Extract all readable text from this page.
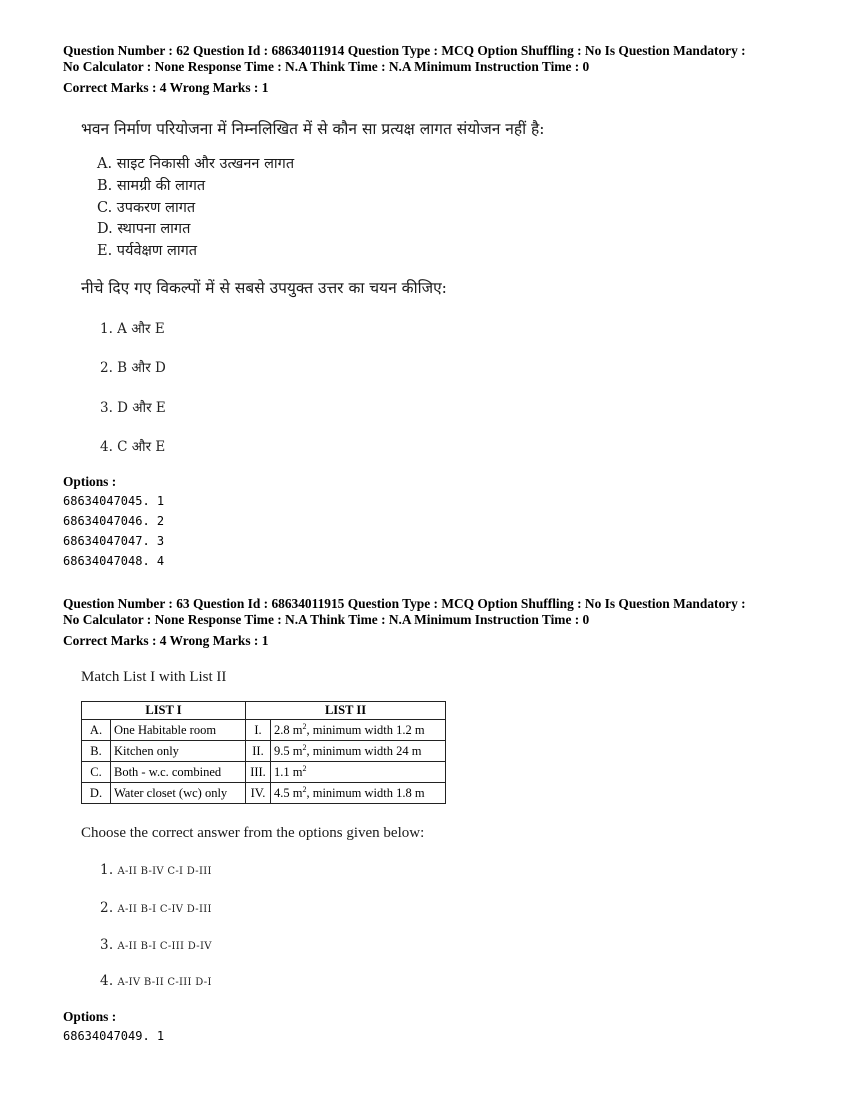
Question Number : 62 Question Id : 68634011914 Question Type : MCQ Option Shuffling : No Is Question Mandatory :
No Calculator : None Response Time : N.A Think Time : N.A Minimum Instruction Time : 0
Correct Marks : 4 Wrong Marks : 1
भवन निर्माण परियोजना में निम्नलिखित में से कौन सा प्रत्यक्ष लागत संयोजन नहीं है:
A. साइट निकासी और उत्खनन लागत
B. सामग्री की लागत
C. उपकरण लागत
D. स्थापना लागत
E. पर्यवेक्षण लागत
नीचे दिए गए विकल्पों में से सबसे उपयुक्त उत्तर का चयन कीजिए:
1. A और E
2. B और D
3. D और E
4. C और E
Options :
68634047045. 1
68634047046. 2
68634047047. 3
68634047048. 4
Question Number : 63 Question Id : 68634011915 Question Type : MCQ Option Shuffling : No Is Question Mandatory :
No Calculator : None Response Time : N.A Think Time : N.A Minimum Instruction Time : 0
Correct Marks : 4 Wrong Marks : 1
Match List I with List II
LIST I		LIST II	
A.	One Habitable room	I.	2.8 $m^2$, minimum width 1.2 m
B.	Kitchen only	II.	9.5 $m^2$, minimum width 24 m
C.	Both - w.c. combined	III.	1.1 $m^2$
D.	Water closet (wc) only	IV.	4.5 $m^2$, minimum width 1.8 m
Choose the correct answer from the options given below:
1. A-II B-IV C-I D-III
2. A-II B-I C-IV D-III
3. A-II B-I C-III D-IV
4. A-IV B-II C-III D-I
Options :
68634047049. 1
